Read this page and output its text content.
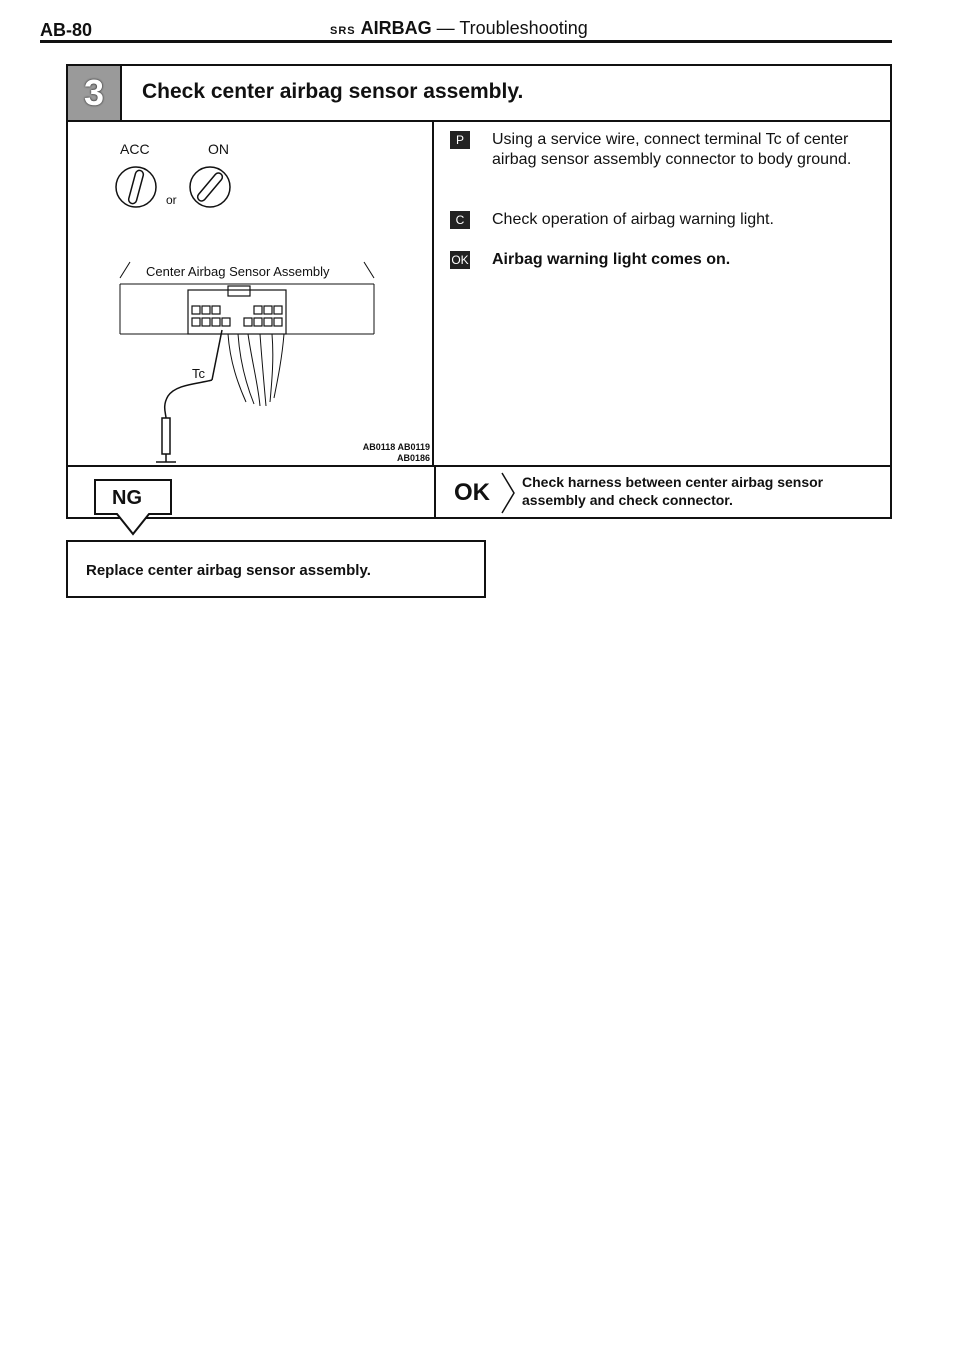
AB-80	SRS AIRBAG — Troubleshooting
3	Check center airbag sensor assembly.
ACC	ON
or
Center Airbag Sensor Assembly
Tc
AB0118 AB0119
AB0186
P Using a service wire, connect terminal Tc of center airbag sensor assembly connector to body ground.
C Check operation of airbag warning light.
OK Airbag warning light comes on.
OK Check harness between center airbag sensor assembly and check connector.
NG
Replace center airbag sensor assembly.
